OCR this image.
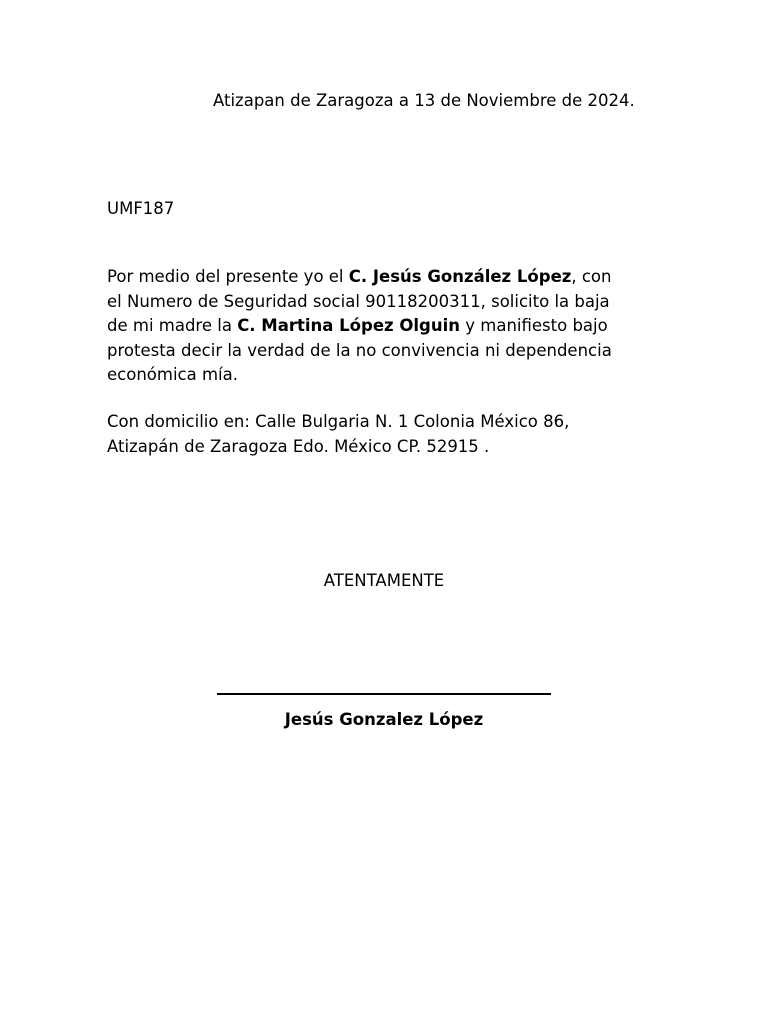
Atizapan de Zaragoza a 13 de Noviembre de 2024.
UMF187
Por medio del presente yo el C. Jesús González López, con
el Numero de Seguridad social 90118200311, solicito la baja
de mi madre la C. Martina López Olguin y manifiesto bajo
protesta decir la verdad de la no convivencia ni dependencia
económica mía.
Con domicilio en: Calle Bulgaria N. 1 Colonia México 86,
Atizapán de Zaragoza Edo. México CP. 52915 .
ATENTAMENTE
Jesús Gonzalez López
